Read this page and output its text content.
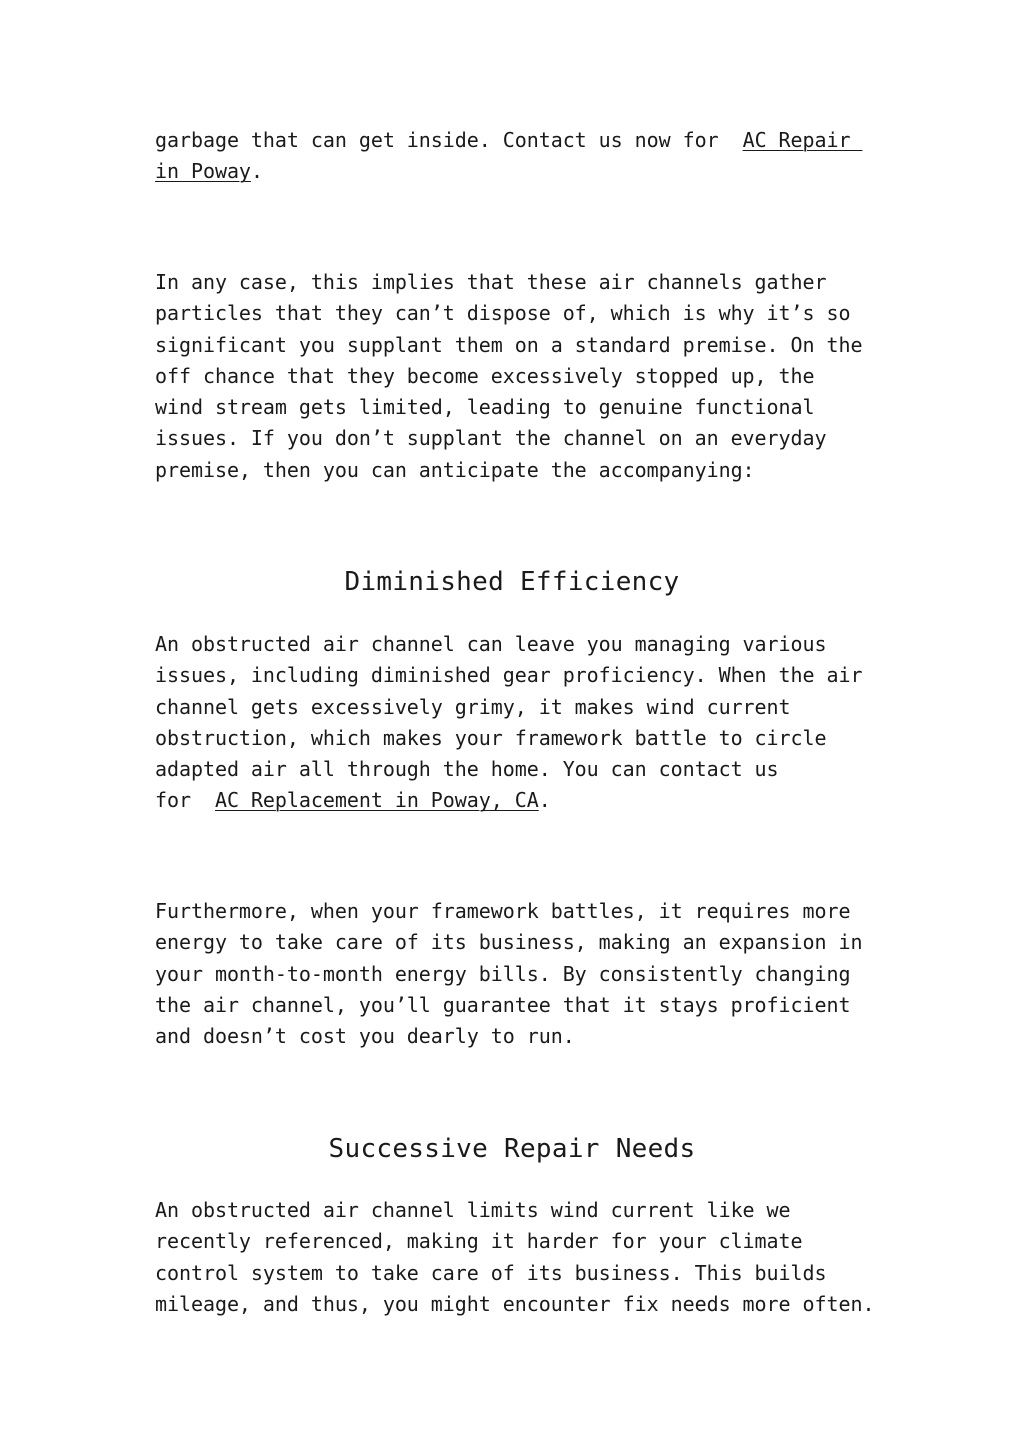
garbage that can get inside. Contact us now for  AC Repair
in Poway.

In any case, this implies that these air channels gather
particles that they can’t dispose of, which is why it’s so
significant you supplant them on a standard premise. On the
off chance that they become excessively stopped up, the
wind stream gets limited, leading to genuine functional
issues. If you don’t supplant the channel on an everyday
premise, then you can anticipate the accompanying:

Diminished Efficiency

An obstructed air channel can leave you managing various
issues, including diminished gear proficiency. When the air
channel gets excessively grimy, it makes wind current
obstruction, which makes your framework battle to circle
adapted air all through the home. You can contact us
for  AC Replacement in Poway, CA.

Furthermore, when your framework battles, it requires more
energy to take care of its business, making an expansion in
your month-to-month energy bills. By consistently changing
the air channel, you’ll guarantee that it stays proficient
and doesn’t cost you dearly to run.

Successive Repair Needs

An obstructed air channel limits wind current like we
recently referenced, making it harder for your climate
control system to take care of its business. This builds
mileage, and thus, you might encounter fix needs more often.
